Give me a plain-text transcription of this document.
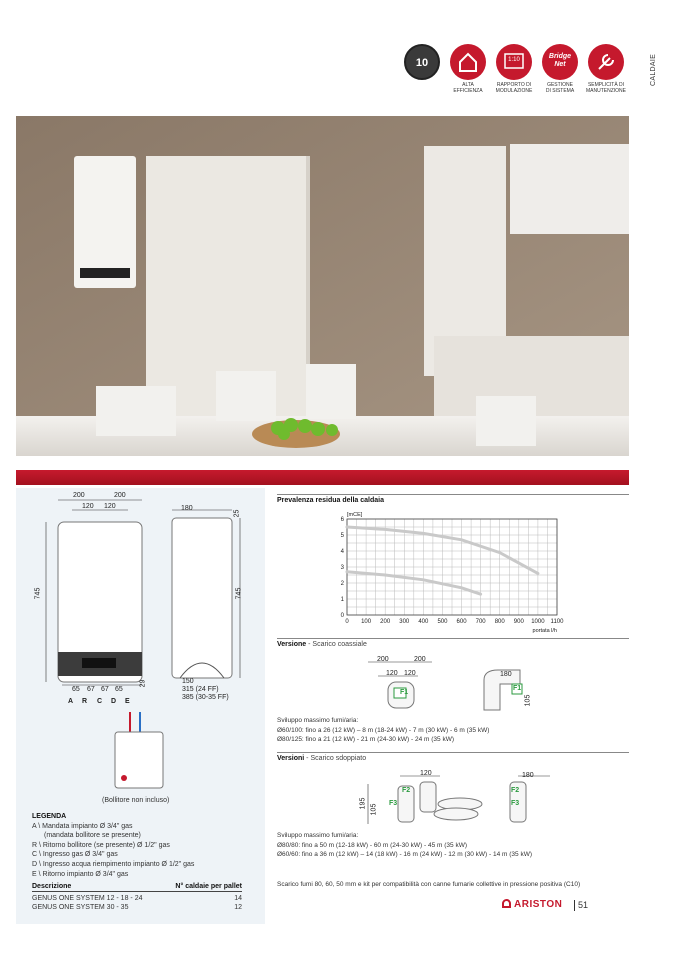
CALDAIE
10
ALTA
EFFICIENZA
1:10
RAPPORTO DI
MODULAZIONE
Bridge
Net
GESTIONE
DI SISTEMA
SEMPLICITÀ DI
MANUTENZIONE
200	200
120 120
745
29
65 67 67 65
A R C D E
180
25
745
150
315 (24 FF)
385 (30-35 FF)
(Bollitore non incluso)
LEGENDA
A \ Mandata impianto Ø 3/4" gas
(mandata bollitore se presente)
R \ Ritorno bollitore (se presente) Ø 1/2" gas
C \ Ingresso gas Ø 3/4" gas
D \ Ingresso acqua riempimento impianto Ø 1/2" gas
E \ Ritorno impianto Ø 3/4" gas
Descrizione	N° caldaie per pallet
GENUS ONE SYSTEM 12 - 18 - 24	14
GENUS ONE SYSTEM 30 - 35	12
Prevalenza residua della caldaia
0 100 200 300 400 500 600 700 800 900 1000 1100
0
1
2
3
4
5
6
[mCE]
portata l/h
Versione - Scarico coassiale
200	200
120 120
F1
180
F1
105
Sviluppo massimo fumi/aria:
Ø60/100: fino a 26 (12 kW) – 8 m (18-24 kW) - 7 m (30 kW) - 6 m (35 kW)
Ø80/125: fino a 21 (12 kW) - 21 m (24-30 kW) - 24 m (35 kW)
Versioni - Scarico sdoppiato
120	180
195
105
F2
F3
F2
F3
Sviluppo massimo fumi/aria:
Ø80/80: fino a 50 m (12-18 kW) - 60 m (24-30 kW) - 45 m (35 kW)
Ø60/60: fino a 36 m (12 kW) – 14 (18 kW) - 16 m (24 kW) - 12 m (30 kW) - 14 m (35 kW)
Scarico fumi 80, 60, 50 mm e kit per compatibilità con canne fumarie collettive in pressione positiva (C10)
ARISTON 51
